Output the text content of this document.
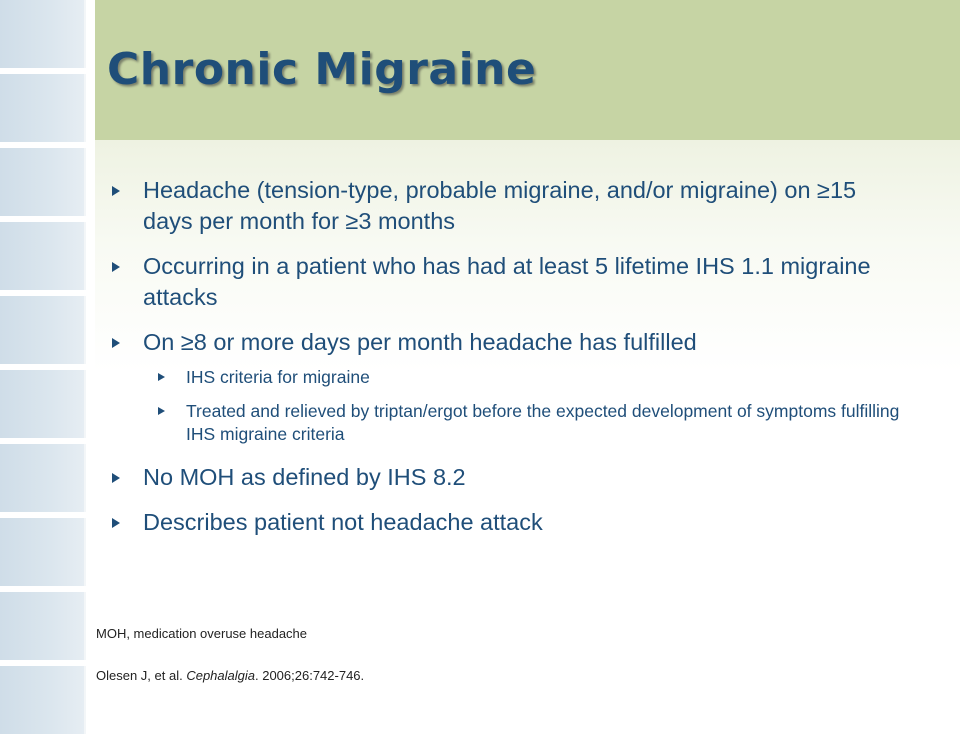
Chronic Migraine
Headache (tension-type, probable migraine, and/or migraine) on ≥15 days per month for ≥3 months
Occurring in a patient who has had at least 5 lifetime IHS 1.1 migraine attacks
On ≥8 or more days per month headache has fulfilled
IHS criteria for migraine
Treated and relieved by triptan/ergot before the expected development of symptoms fulfilling IHS migraine criteria
No MOH as defined by IHS 8.2
Describes patient not headache attack
MOH, medication overuse headache
Olesen J, et al. Cephalalgia. 2006;26:742-746.
